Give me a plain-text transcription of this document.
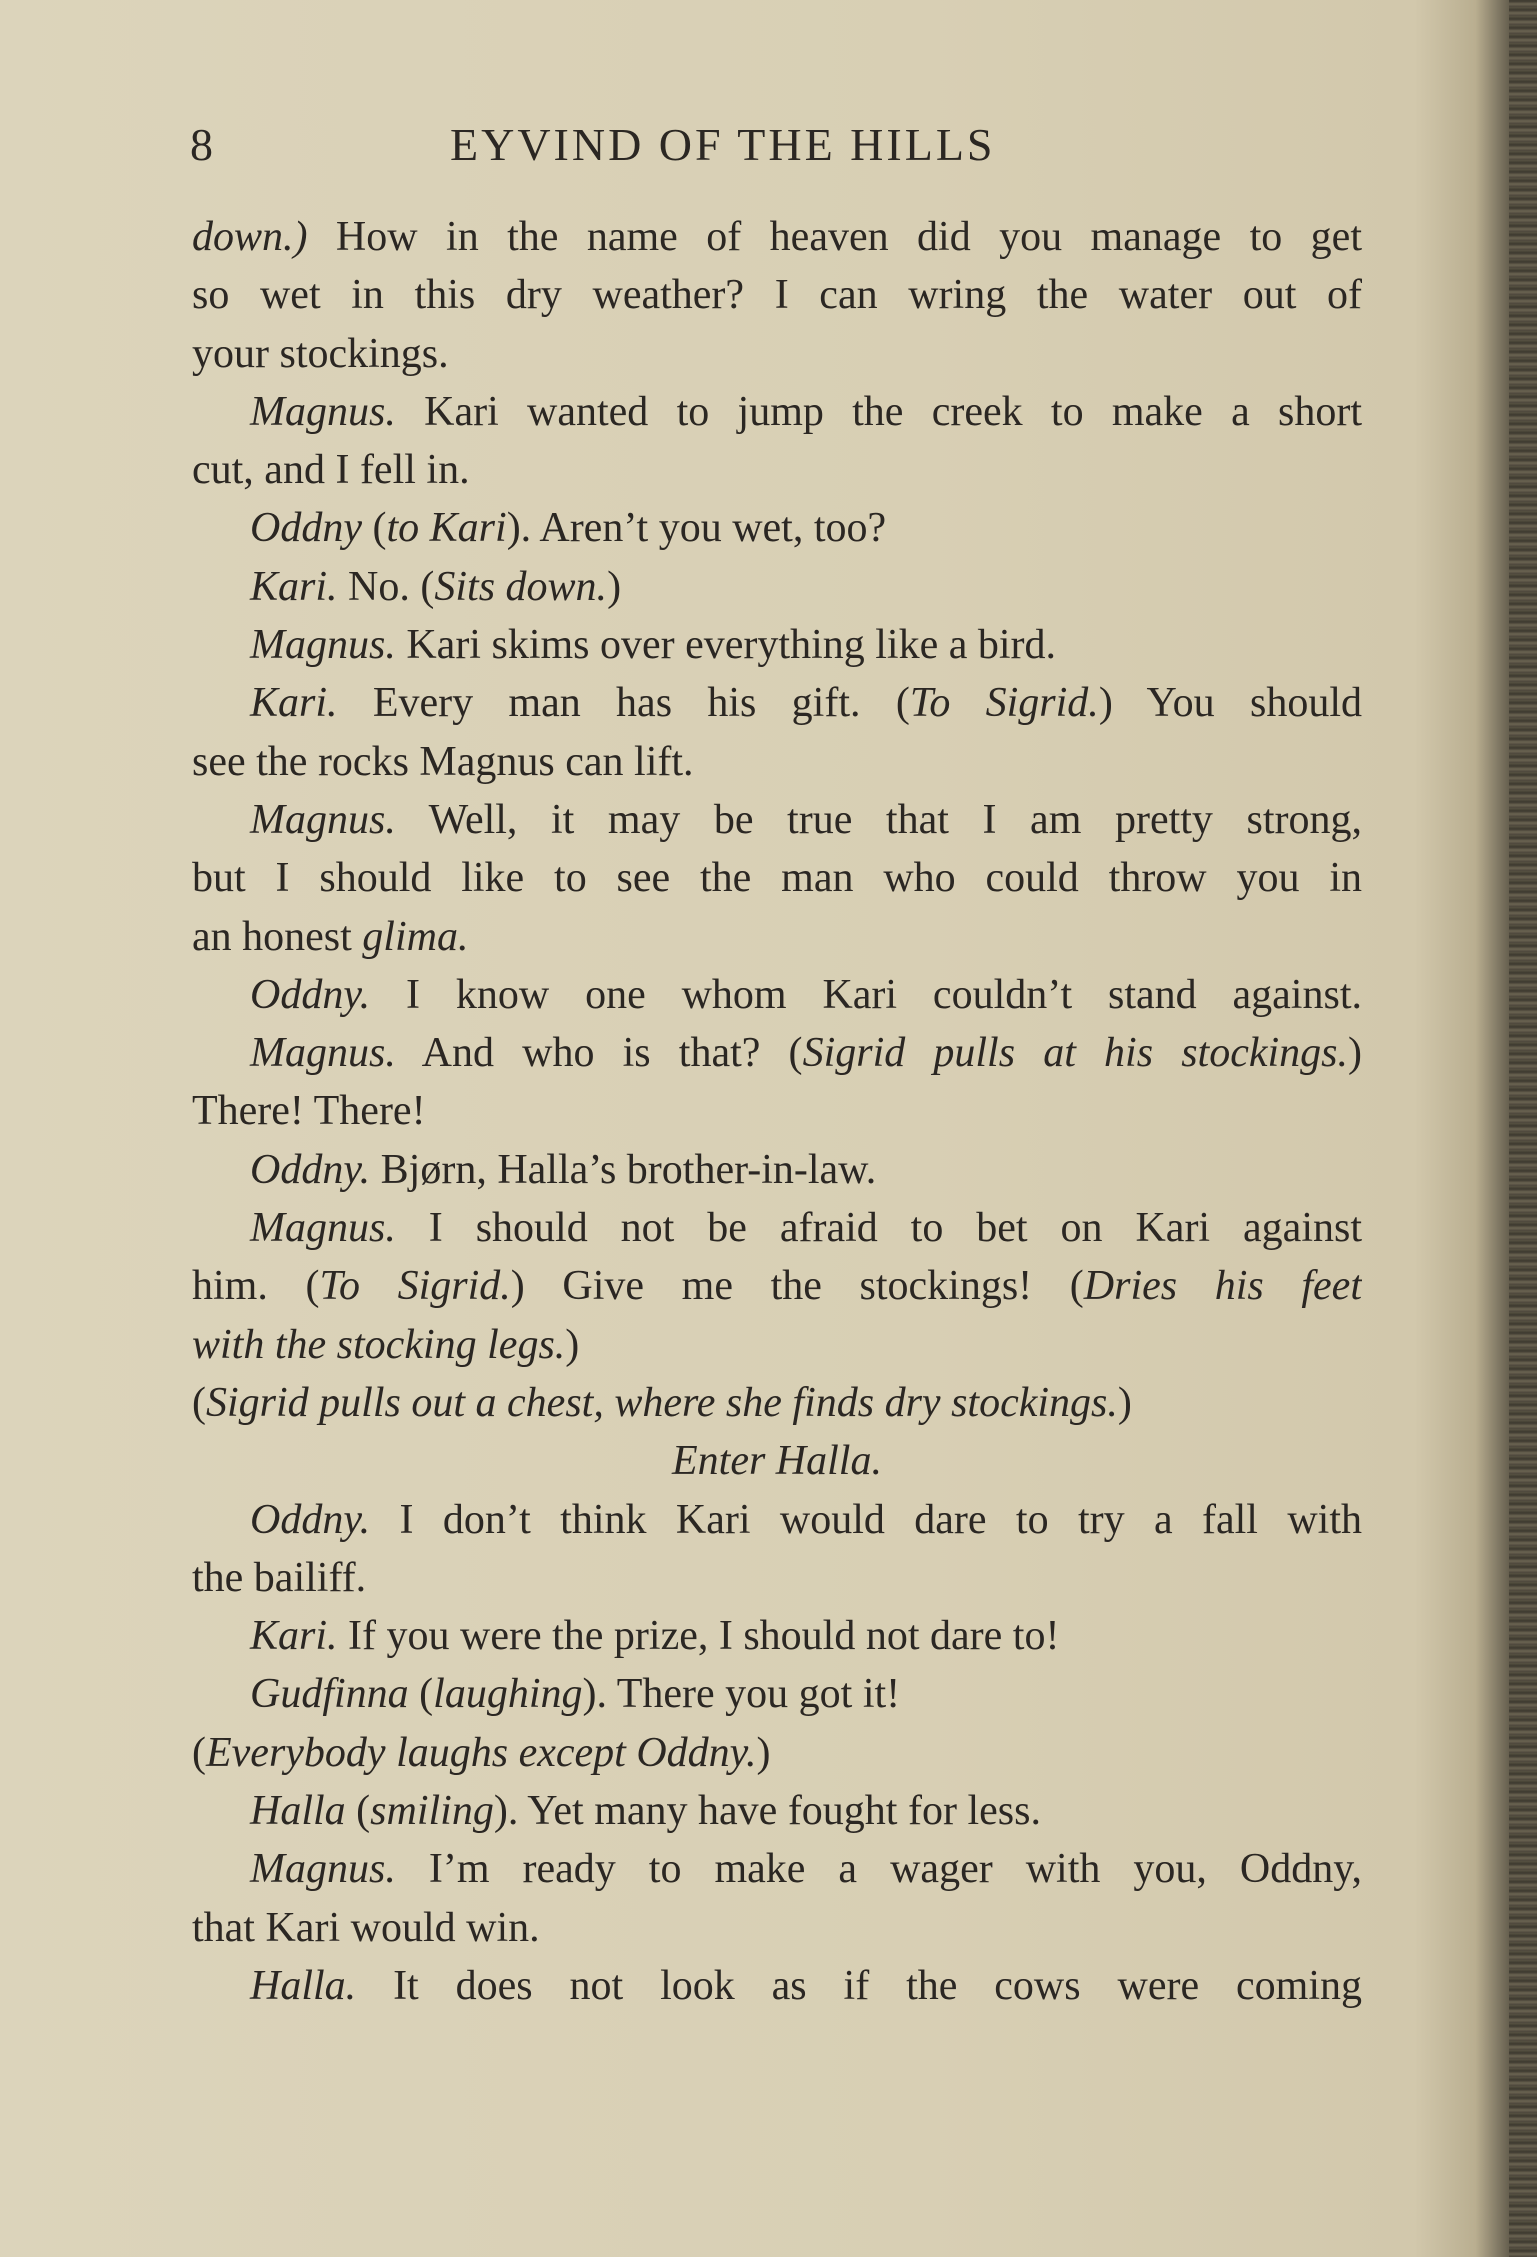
8	EYVIND OF THE HILLS
down.) How in the name of heaven did you manage to get
so wet in this dry weather? I can wring the water out of
your stockings.
Magnus. Kari wanted to jump the creek to make a short
cut, and I fell in.
Oddny (to Kari). Aren’t you wet, too?
Kari. No. (Sits down.)
Magnus. Kari skims over everything like a bird.
Kari. Every man has his gift. (To Sigrid.) You should
see the rocks Magnus can lift.
Magnus. Well, it may be true that I am pretty strong,
but I should like to see the man who could throw you in
an honest glima.
Oddny. I know one whom Kari couldn’t stand against.
Magnus. And who is that? (Sigrid pulls at his stockings.)
There! There!
Oddny. Bjørn, Halla’s brother-in-law.
Magnus. I should not be afraid to bet on Kari against
him. (To Sigrid.) Give me the stockings! (Dries his feet
with the stocking legs.)
(Sigrid pulls out a chest, where she finds dry stockings.)
Enter Halla.
Oddny. I don’t think Kari would dare to try a fall with
the bailiff.
Kari. If you were the prize, I should not dare to!
Gudfinna (laughing). There you got it!
(Everybody laughs except Oddny.)
Halla (smiling). Yet many have fought for less.
Magnus. I’m ready to make a wager with you, Oddny,
that Kari would win.
Halla. It does not look as if the cows were coming
